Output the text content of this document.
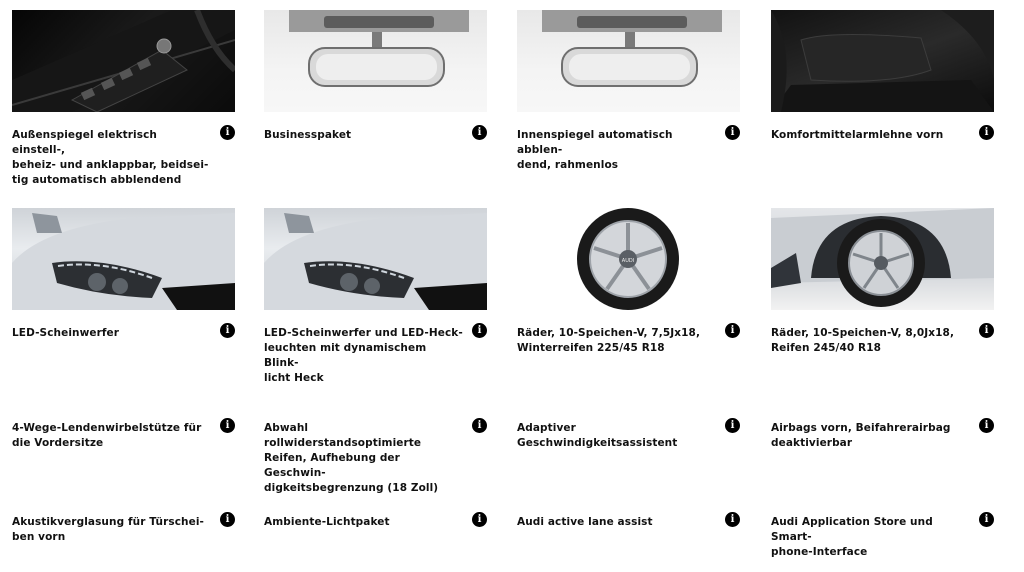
Außenspiegel elektrisch einstell-,
beheiz- und anklappbar, beidsei-
tig automatisch abblendend
i	Businesspaket	i	Innenspiegel automatisch abblen-
dend, rahmenlos
i	Komfortmittelarmlehne vorn	i
LED-Scheinwerfer	i	LED-Scheinwerfer und LED-Heck-
leuchten mit dynamischem Blink-
licht Heck
i
AUDI
Räder, 10-Speichen-V, 7,5Jx18,
Winterreifen 225/45 R18
i	Räder, 10-Speichen-V, 8,0Jx18,
Reifen 245/40 R18
i
4-Wege-Lendenwirbelstütze für
die Vordersitze
i	Abwahl rollwiderstandsoptimierte
Reifen, Aufhebung der Geschwin-
digkeitsbegrenzung (18 Zoll)
i	Adaptiver
Geschwindigkeitsassistent
i	Airbags vorn, Beifahrerairbag
deaktivierbar
i
Akustikverglasung für Türschei-
ben vorn
i	Ambiente-Lichtpaket	i	Audi active lane assist	i	Audi Application Store und Smart-
phone-Interface
i
